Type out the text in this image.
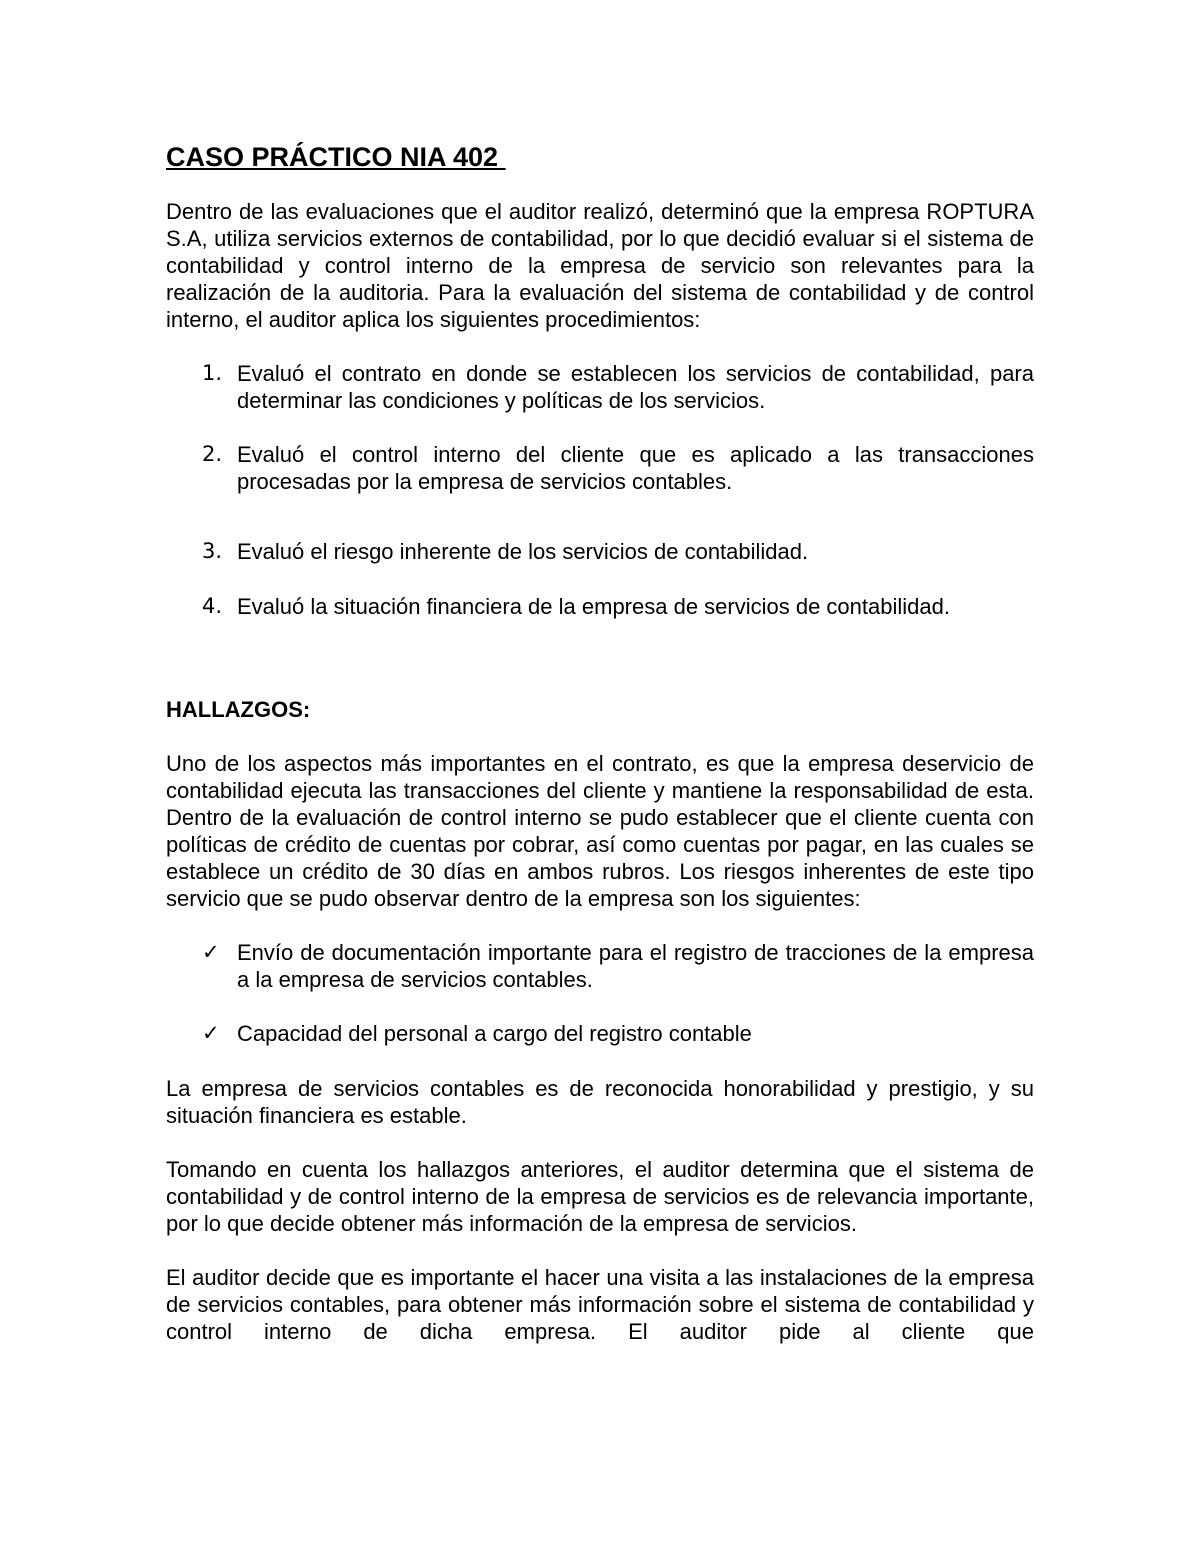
CASO PRÁCTICO NIA 402

Dentro de las evaluaciones que el auditor realizó, determinó que la empresa ROPTURA S.A, utiliza servicios externos de contabilidad, por lo que decidió evaluar si el sistema de contabilidad y control interno de la empresa de servicio son relevantes para la realización de la auditoria. Para la evaluación del sistema de contabilidad y de control interno, el auditor aplica los siguientes procedimientos:

1. Evaluó el contrato en donde se establecen los servicios de contabilidad, para determinar las condiciones y políticas de los servicios.
2. Evaluó el control interno del cliente que es aplicado a las transacciones procesadas por la empresa de servicios contables.
3. Evaluó el riesgo inherente de los servicios de contabilidad.
4. Evaluó la situación financiera de la empresa de servicios de contabilidad.

HALLAZGOS:

Uno de los aspectos más importantes en el contrato, es que la empresa deservicio de contabilidad ejecuta las transacciones del cliente y mantiene la responsabilidad de esta. Dentro de la evaluación de control interno se pudo establecer que el cliente cuenta con políticas de crédito de cuentas por cobrar, así como cuentas por pagar, en las cuales se establece un crédito de 30 días en ambos rubros. Los riesgos inherentes de este tipo servicio que se pudo observar dentro de la empresa son los siguientes:

✓ Envío de documentación importante para el registro de tracciones de la empresa a la empresa de servicios contables.
✓ Capacidad del personal a cargo del registro contable

La empresa de servicios contables es de reconocida honorabilidad y prestigio, y su situación financiera es estable.

Tomando en cuenta los hallazgos anteriores, el auditor determina que el sistema de contabilidad y de control interno de la empresa de servicios es de relevancia importante, por lo que decide obtener más información de la empresa de servicios.

El auditor decide que es importante el hacer una visita a las instalaciones de la empresa de servicios contables, para obtener más información sobre el sistema de contabilidad y control interno de dicha empresa. El auditor pide al cliente que
